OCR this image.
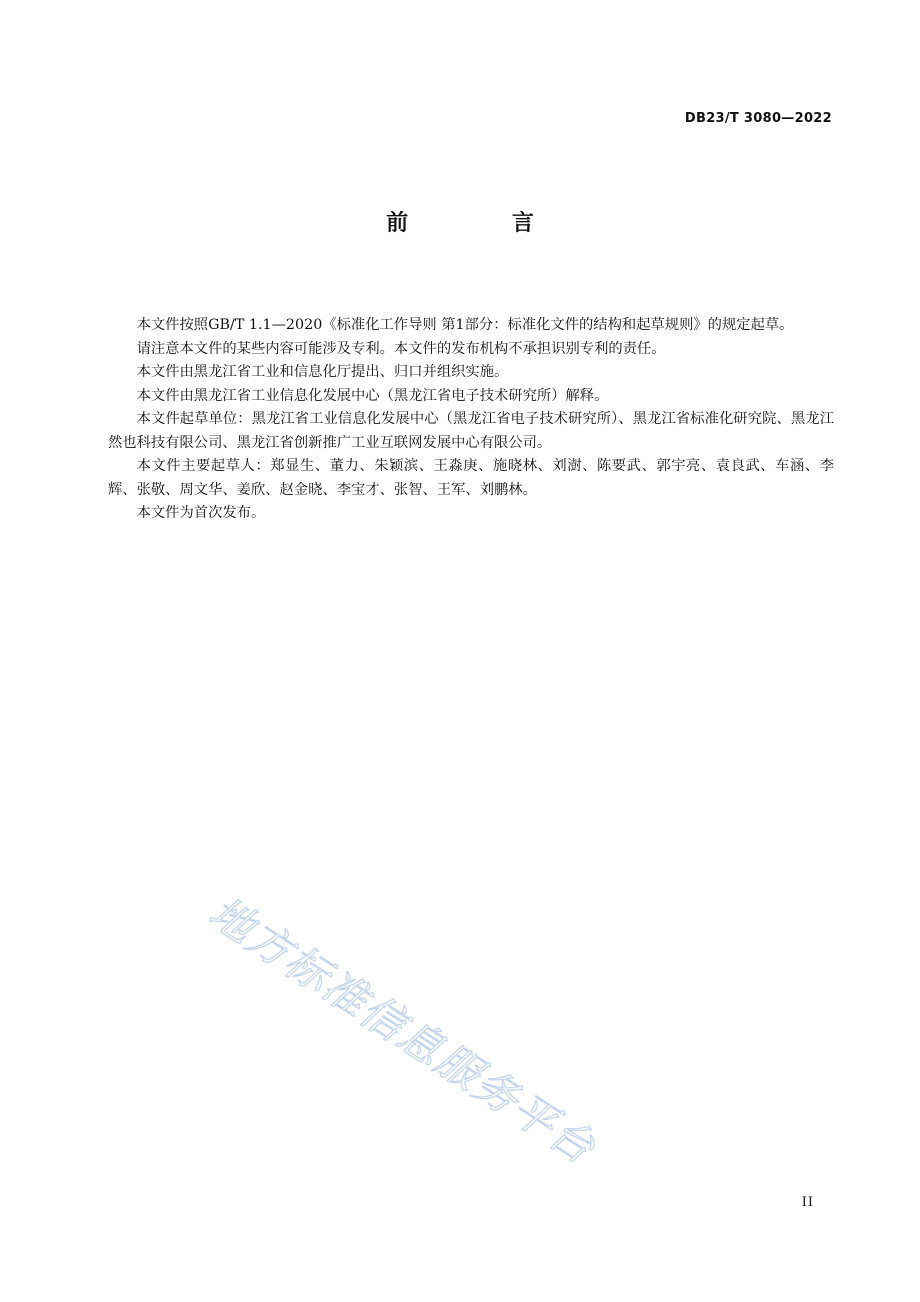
DB23/T 3080—2022
前 言

本文件按照GB/T 1.1—2020《标准化工作导则 第1部分：标准化文件的结构和起草规则》的规定起草。

请注意本文件的某些内容可能涉及专利。本文件的发布机构不承担识别专利的责任。

本文件由黑龙江省工业和信息化厅提出、归口并组织实施。

本文件由黑龙江省工业信息化发展中心（黑龙江省电子技术研究所）解释。

本文件起草单位：黑龙江省工业信息化发展中心（黑龙江省电子技术研究所）、黑龙江省标准化研究院、黑龙江然也科技有限公司、黑龙江省创新推广工业互联网发展中心有限公司。

本文件主要起草人：郑显生、董力、朱颖滨、王淼庚、施晓林、刘澍、陈要武、郭宇亮、袁良武、车涵、李辉、张敬、周文华、姜欣、赵金晓、李宝才、张智、王军、刘鹏林。

本文件为首次发布。

地方标准信息服务平台
II
